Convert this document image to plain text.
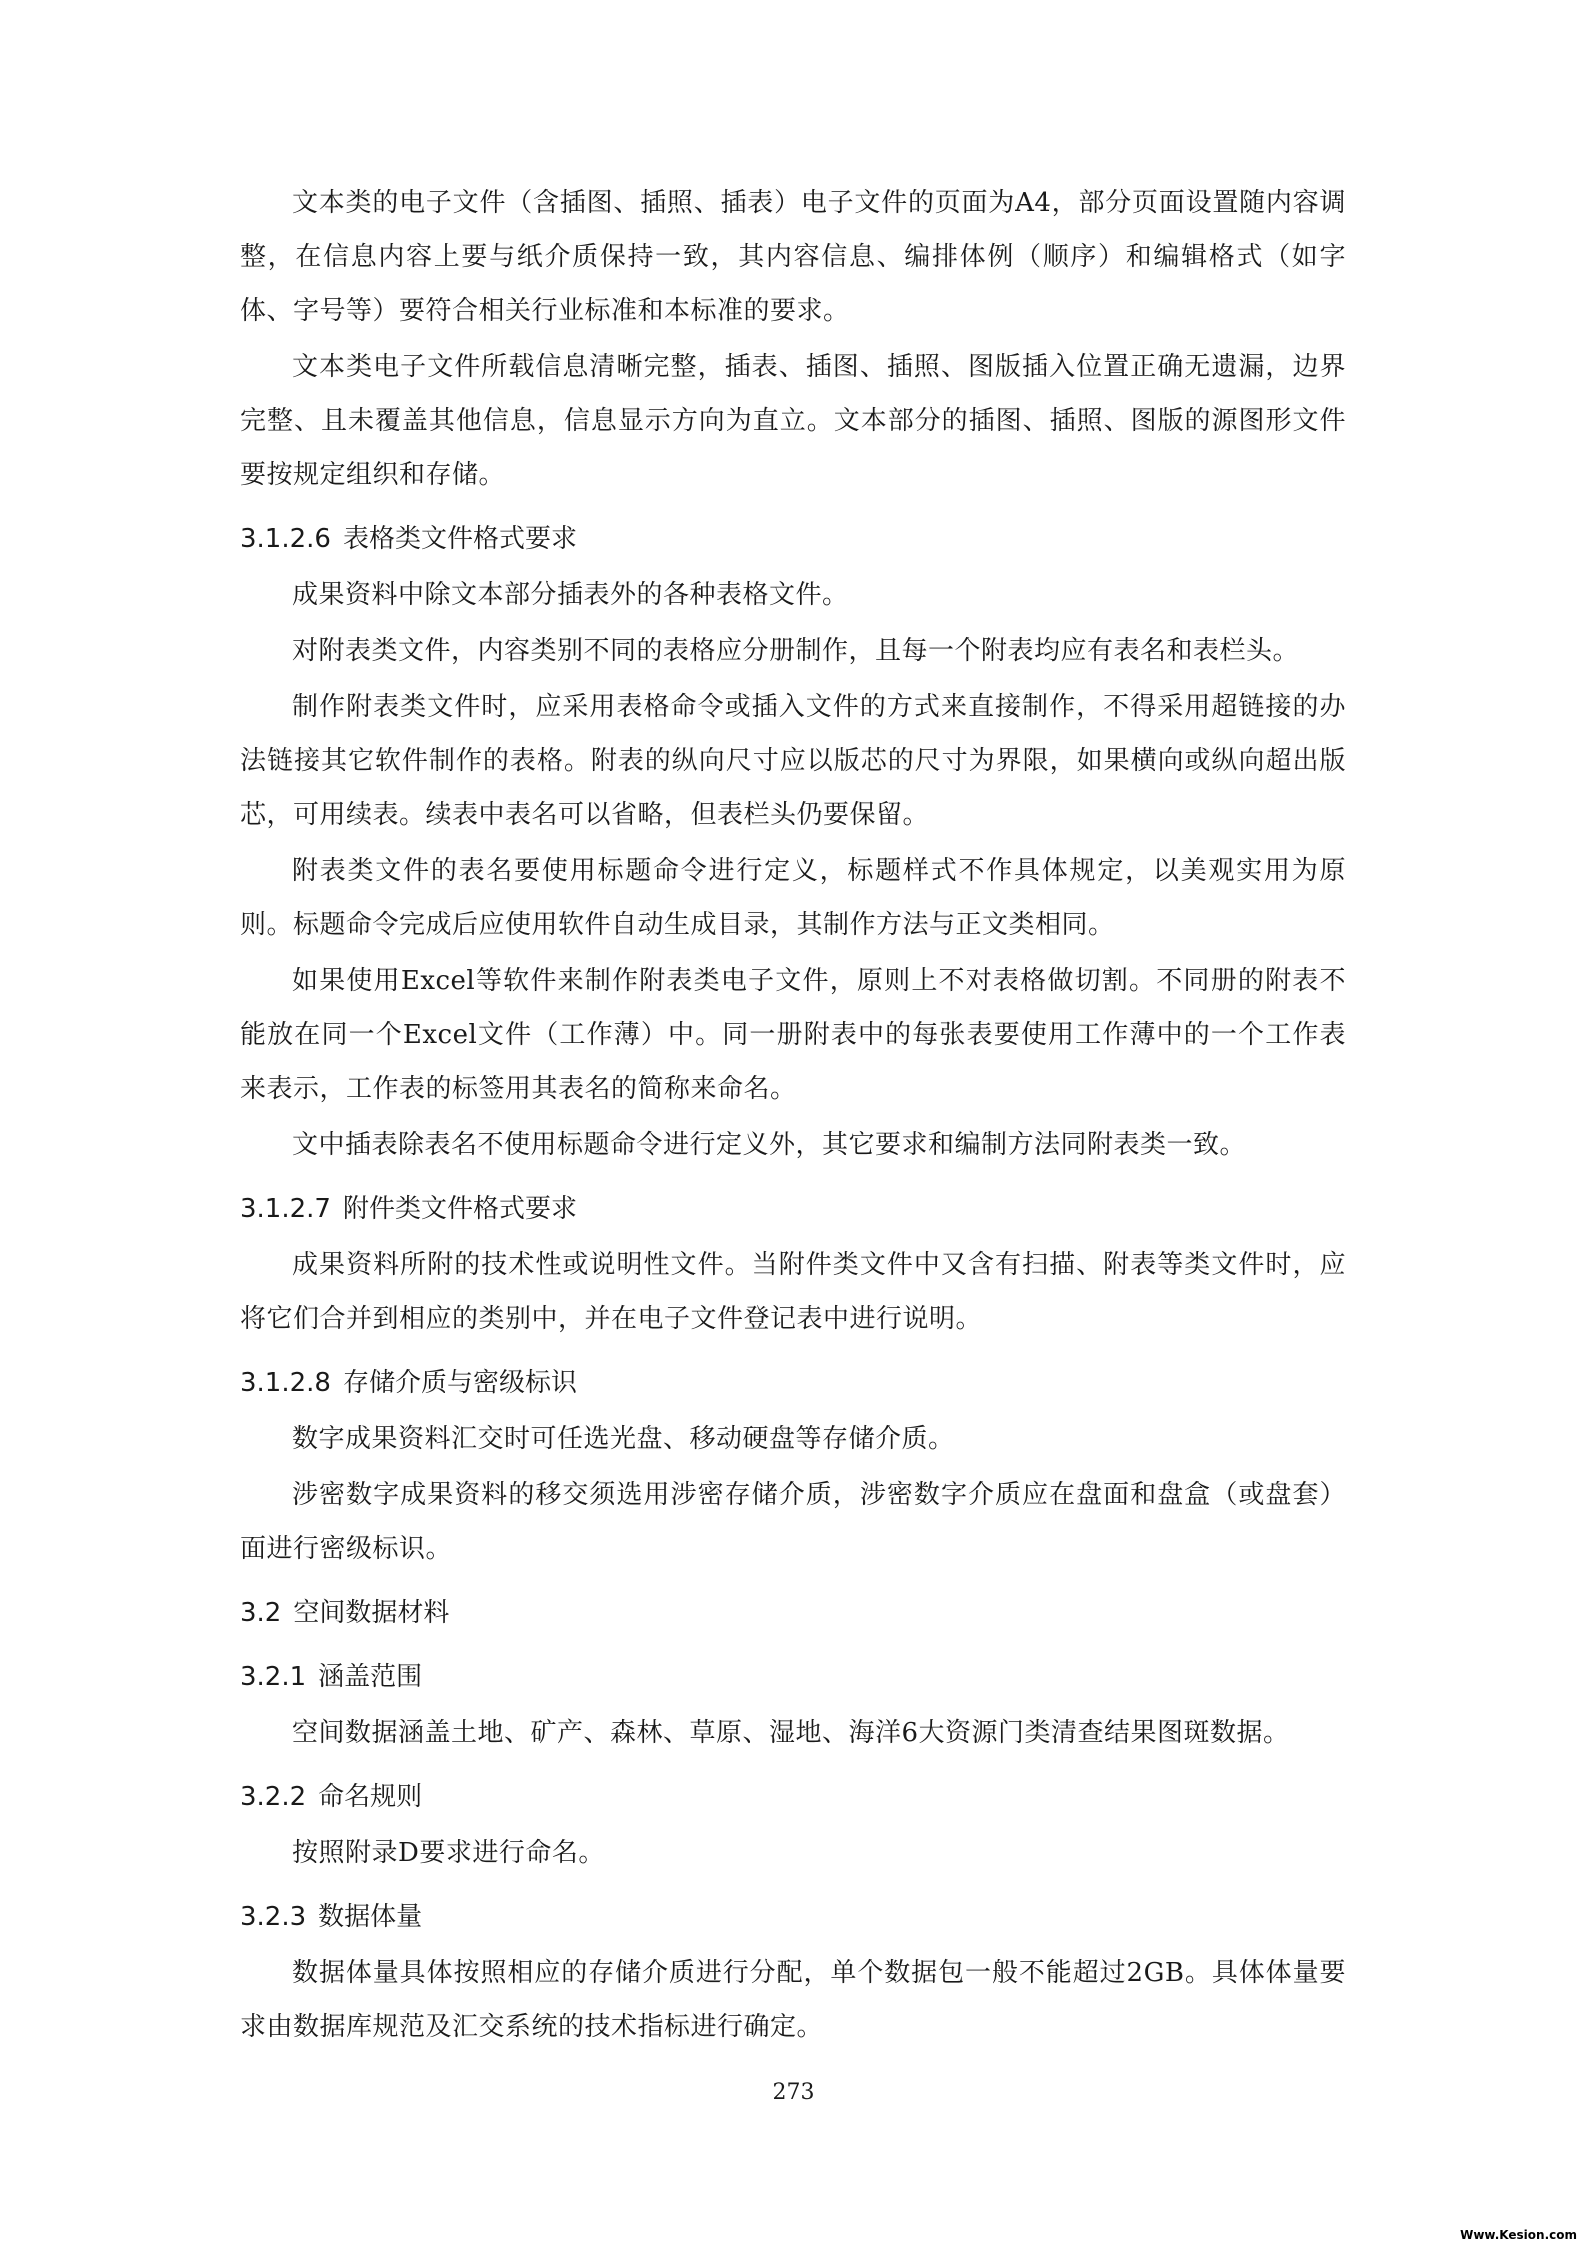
文本类的电子文件（含插图、插照、插表）电子文件的页面为A4，部分页面设置随内容调整，在信息内容上要与纸介质保持一致，其内容信息、编排体例（顺序）和编辑格式（如字体、字号等）要符合相关行业标准和本标准的要求。

文本类电子文件所载信息清晰完整，插表、插图、插照、图版插入位置正确无遗漏，边界完整、且未覆盖其他信息，信息显示方向为直立。文本部分的插图、插照、图版的源图形文件要按规定组织和存储。

3.1.2.6 表格类文件格式要求

成果资料中除文本部分插表外的各种表格文件。

对附表类文件，内容类别不同的表格应分册制作，且每一个附表均应有表名和表栏头。

制作附表类文件时，应采用表格命令或插入文件的方式来直接制作，不得采用超链接的办法链接其它软件制作的表格。附表的纵向尺寸应以版芯的尺寸为界限，如果横向或纵向超出版芯，可用续表。续表中表名可以省略，但表栏头仍要保留。

附表类文件的表名要使用标题命令进行定义，标题样式不作具体规定，以美观实用为原则。标题命令完成后应使用软件自动生成目录，其制作方法与正文类相同。

如果使用Excel等软件来制作附表类电子文件，原则上不对表格做切割。不同册的附表不能放在同一个Excel文件（工作薄）中。同一册附表中的每张表要使用工作薄中的一个工作表来表示，工作表的标签用其表名的简称来命名。

文中插表除表名不使用标题命令进行定义外，其它要求和编制方法同附表类一致。

3.1.2.7 附件类文件格式要求

成果资料所附的技术性或说明性文件。当附件类文件中又含有扫描、附表等类文件时，应将它们合并到相应的类别中，并在电子文件登记表中进行说明。

3.1.2.8 存储介质与密级标识

数字成果资料汇交时可任选光盘、移动硬盘等存储介质。

涉密数字成果资料的移交须选用涉密存储介质，涉密数字介质应在盘面和盘盒（或盘套）面进行密级标识。

3.2 空间数据材料
3.2.1 涵盖范围

空间数据涵盖土地、矿产、森林、草原、湿地、海洋6大资源门类清查结果图斑数据。

3.2.2 命名规则

按照附录D要求进行命名。

3.2.3 数据体量

数据体量具体按照相应的存储介质进行分配，单个数据包一般不能超过2GB。具体体量要求由数据库规范及汇交系统的技术指标进行确定。

273
Www.Kesion.com
